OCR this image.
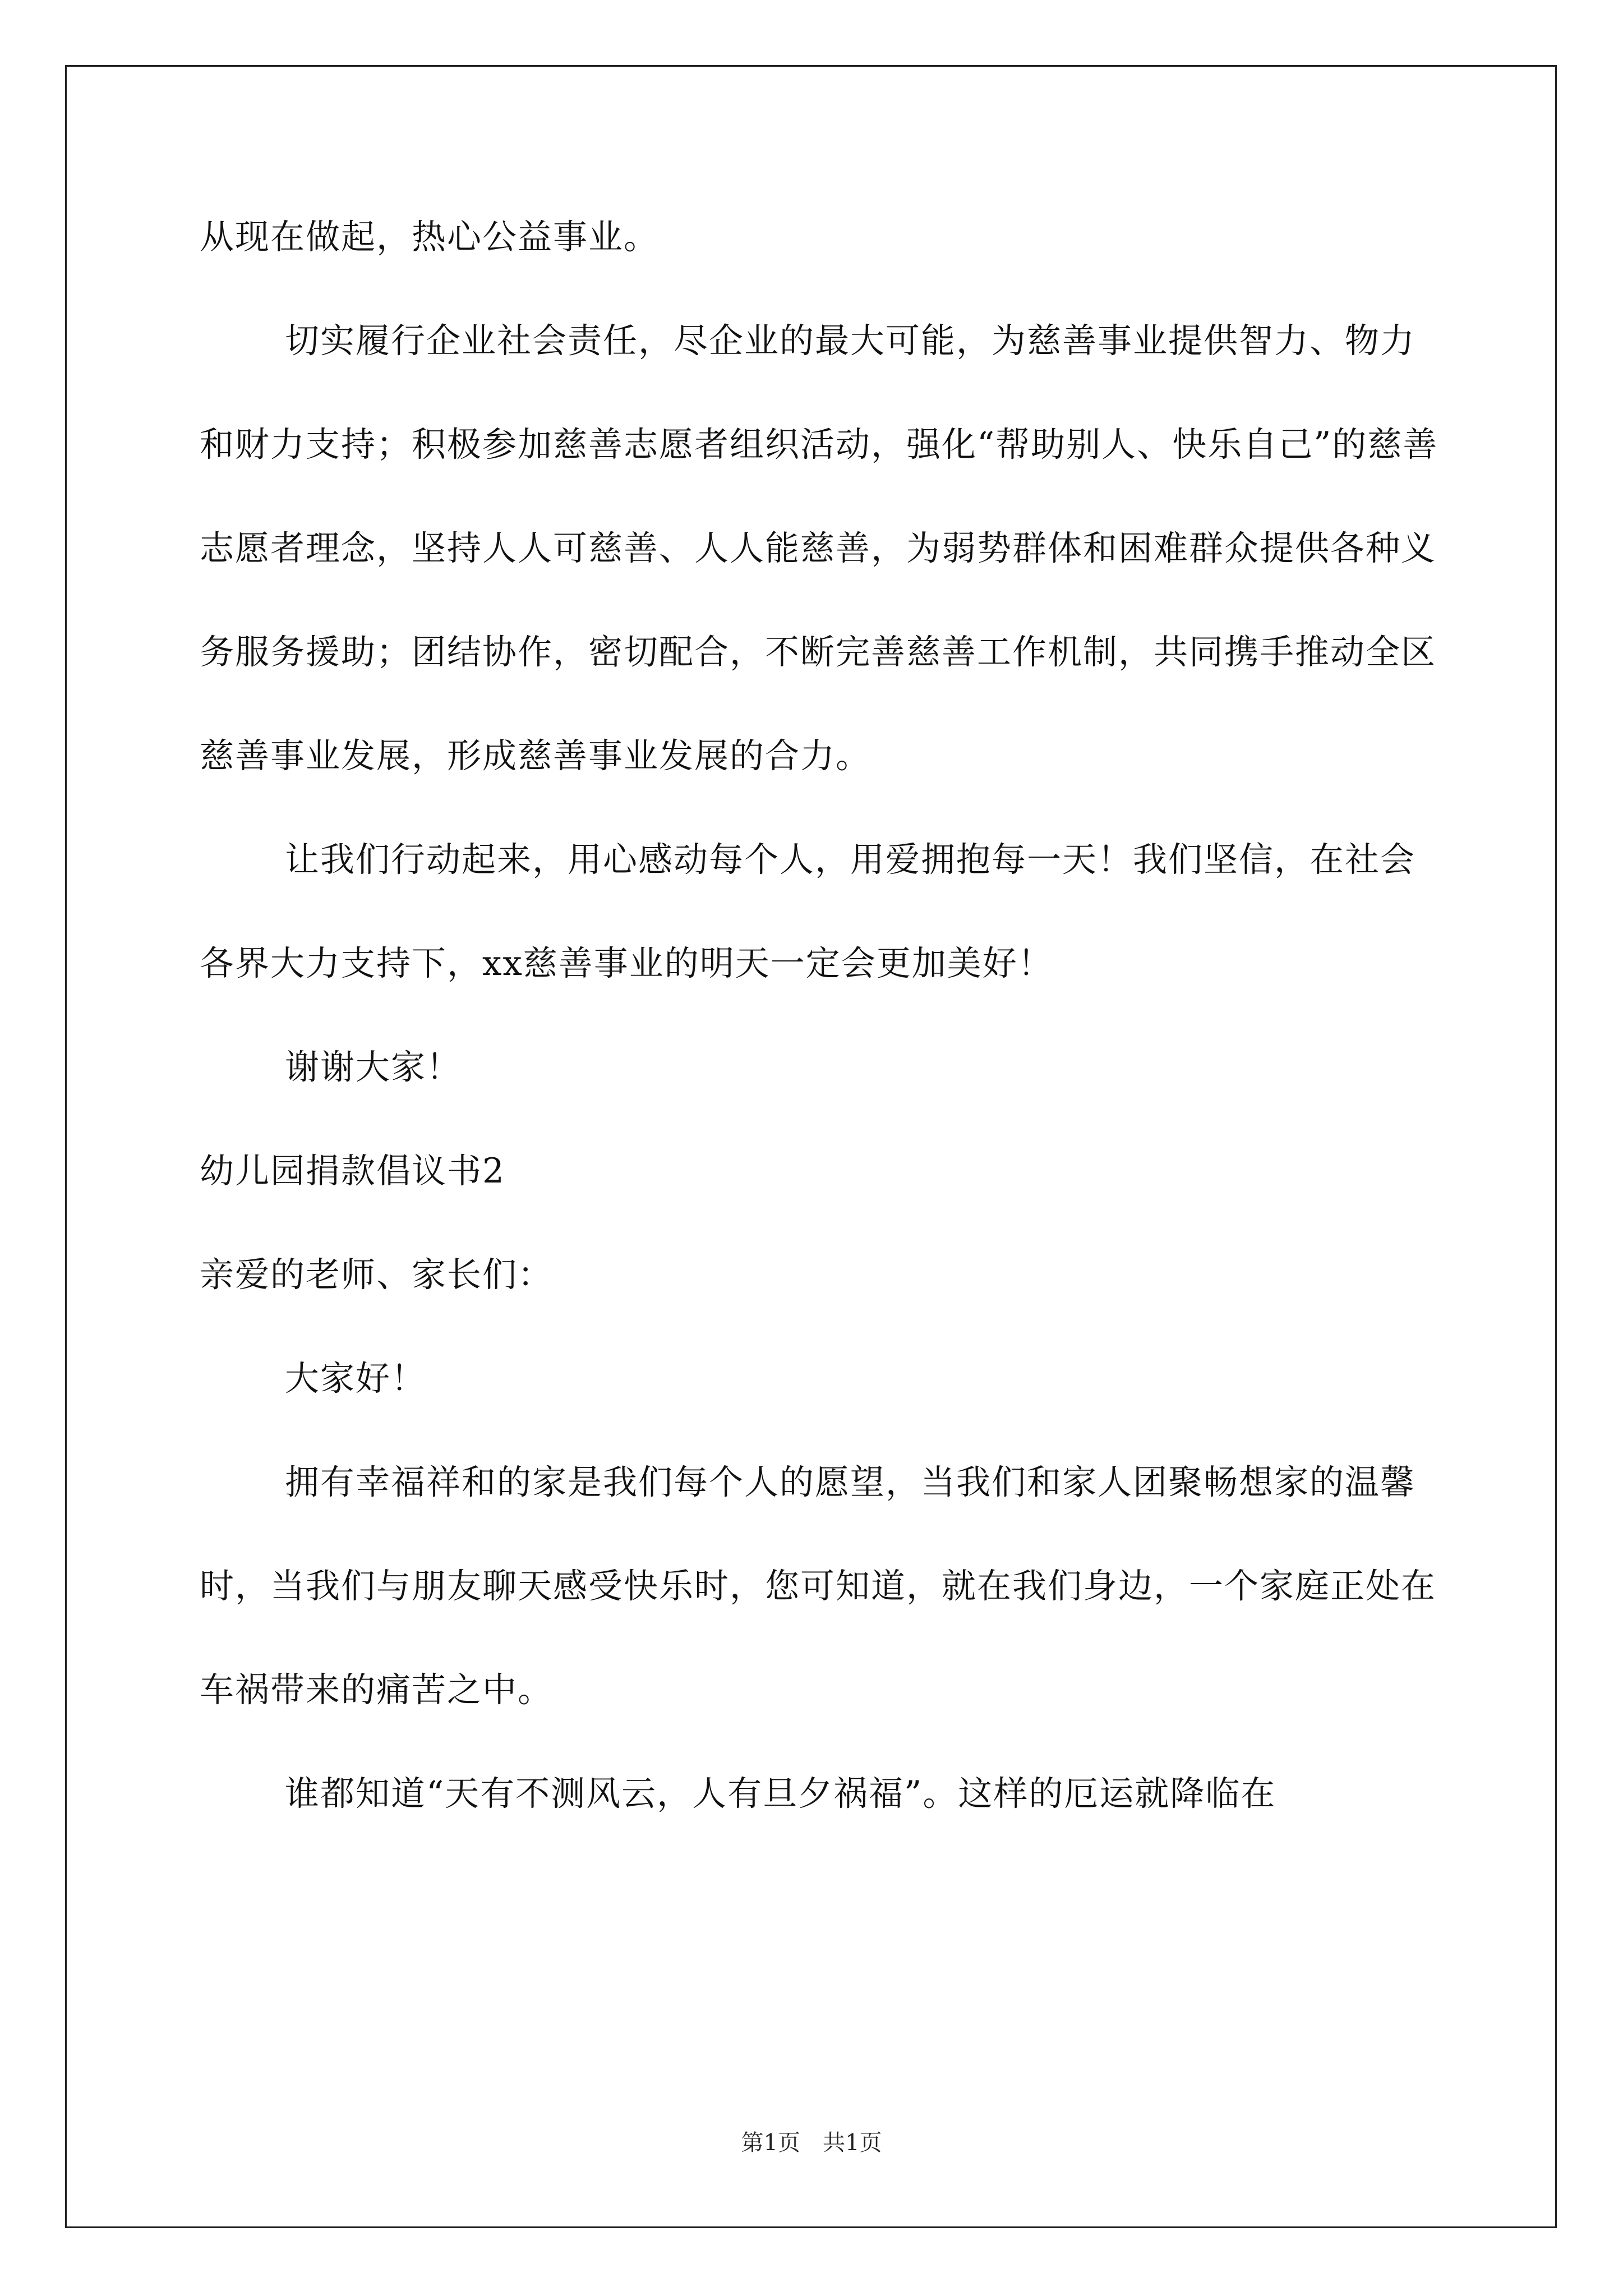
从现在做起，热心公益事业。

切实履行企业社会责任，尽企业的最大可能，为慈善事业提供智力、物力和财力支持；积极参加慈善志愿者组织活动，强化“帮助别人、快乐自己”的慈善志愿者理念，坚持人人可慈善、人人能慈善，为弱势群体和困难群众提供各种义务服务援助；团结协作，密切配合，不断完善慈善工作机制，共同携手推动全区慈善事业发展，形成慈善事业发展的合力。

让我们行动起来，用心感动每个人，用爱拥抱每一天！我们坚信，在社会各界大力支持下，xx慈善事业的明天一定会更加美好！

谢谢大家！

幼儿园捐款倡议书2

亲爱的老师、家长们：

大家好！

拥有幸福祥和的家是我们每个人的愿望，当我们和家人团聚畅想家的温馨时，当我们与朋友聊天感受快乐时，您可知道，就在我们身边，一个家庭正处在车祸带来的痛苦之中。

谁都知道“天有不测风云，人有旦夕祸福”。这样的厄运就降临在

第1页　共1页
